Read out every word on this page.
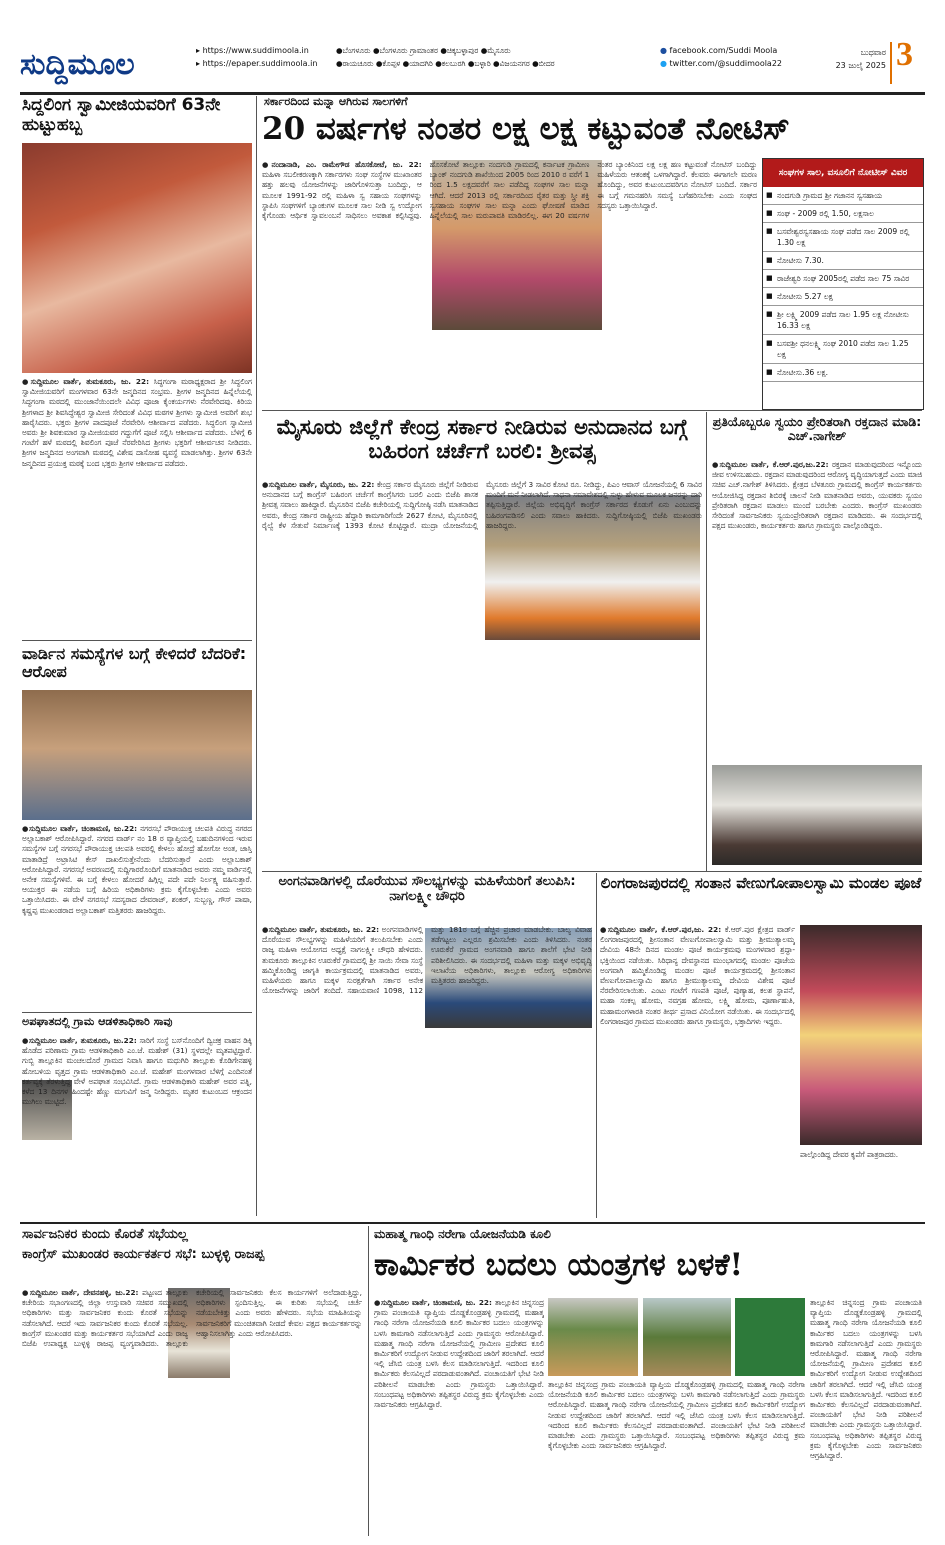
ಸುದ್ದಿಮೂಲ	▸ https://www.suddimoola.in
▸ https://epaper.suddimoola.in
●ಬೆಂಗಳೂರು ●ಬೆಂಗಳೂರು ಗ್ರಾಮಾಂತರ ●ಚಿಕ್ಕಬಳ್ಳಾಪುರ ●ಮೈಸೂರು
●ರಾಯಚೂರು ●ಕೊಪ್ಪಳ ●ಯಾದಗಿರಿ ●ಕಲಬುರಗಿ ●ಬಳ್ಳಾರಿ ●ವಿಜಯನಗರ ●ಬೀದರ
● facebook.com/Suddi Moola
● twitter.com/@suddimoola22
ಬುಧವಾರ
23 ಜುಲೈ 2025 3
ಸಿದ್ದಲಿಂಗ ಸ್ವಾಮೀಜಿಯವರಿಗೆ 63ನೇ ಹುಟ್ಟುಹಬ್ಬ
●ಸುದ್ದಿಮೂಲ ವಾರ್ತೆ, ತುಮಕೂರು, ಜು. 22: ಸಿದ್ಧಗಂಗಾ ಮಠಾಧ್ಯಕ್ಷರಾದ ಶ್ರೀ ಸಿದ್ಧಲಿಂಗ ಸ್ವಾಮೀಜಿಯವರಿಗೆ ಮಂಗಳವಾರ 63ನೇ ಜನ್ಮದಿನದ ಸಂಭ್ರಮ. ಶ್ರೀಗಳ ಜನ್ಮದಿನದ ಹಿನ್ನೆಲೆಯಲ್ಲಿ ಸಿದ್ಧಗಂಗಾ ಮಠದಲ್ಲಿ ಮುಂಜಾನೆಯಿಂದಲೇ ವಿವಿಧ ಪೂಜಾ ಕೈಂಕರ್ಯಗಳು ನೆರವೇರಿದವು. ಕಿರಿಯ ಶ್ರೀಗಳಾದ ಶ್ರೀ ಶಿವಸಿದ್ಧೇಶ್ವರ ಸ್ವಾಮೀಜಿ ಸೇರಿದಂತೆ ವಿವಿಧ ಮಠಗಳ ಶ್ರೀಗಳು ಸ್ವಾಮೀಜಿ ಅವರಿಗೆ ಶುಭ ಹಾರೈಸಿದರು. ಭಕ್ತರು ಶ್ರೀಗಳ ಪಾದಪೂಜೆ ನೆರವೇರಿಸಿ ಆಶೀರ್ವಾದ ಪಡೆದರು. ಸಿದ್ಧಲಿಂಗ ಸ್ವಾಮೀಜಿ ಅವರು ಶ್ರೀ ಶಿವಕುಮಾರ ಸ್ವಾಮೀಜಿಯವರ ಗದ್ದುಗೆಗೆ ಪೂಜೆ ಸಲ್ಲಿಸಿ ಆಶೀರ್ವಾದ ಪಡೆದರು. ಬೆಳಿಗ್ಗೆ 6 ಗಂಟೆಗೆ ಹಳೆ ಮಠದಲ್ಲಿ ಶಿವಲಿಂಗ ಪೂಜೆ ನೆರವೇರಿಸಿದ ಶ್ರೀಗಳು ಭಕ್ತರಿಗೆ ಆಶೀರ್ವಚನ ನೀಡಿದರು. ಶ್ರೀಗಳ ಜನ್ಮದಿನದ ಅಂಗವಾಗಿ ಮಠದಲ್ಲಿ ವಿಶೇಷ ದಾಸೋಹ ವ್ಯವಸ್ಥೆ ಮಾಡಲಾಗಿತ್ತು. ಶ್ರೀಗಳ 63ನೇ ಜನ್ಮದಿನದ ಪ್ರಯುಕ್ತ ಮಠಕ್ಕೆ ಬಂದ ಭಕ್ತರು ಶ್ರೀಗಳ ಆಶೀರ್ವಾದ ಪಡೆದರು.
ವಾರ್ಡಿನ ಸಮಸ್ಯೆಗಳ ಬಗ್ಗೆ ಕೇಳಿದರೆ ಬೆದರಿಕೆ: ಆರೋಪ
●ಸುದ್ದಿಮೂಲ ವಾರ್ತೆ, ಚಿಂತಾಮಣಿ, ಜು.22: ನಗರಸಭೆ ಪೌರಾಯುಕ್ತ ಚಲಪತಿ ವಿರುದ್ಧ ನಗರದ ಅಲ್ಲಾಬಕಾಶ್ ಆರೋಪಿಸಿದ್ದಾರೆ. ನಗರದ ವಾರ್ಡ್ ನಂ 18 ರ ವ್ಯಾಪ್ತಿಯಲ್ಲಿ ಬಹುದಿನಗಳಿಂದ ಇರುವ ಸಮಸ್ಯೆಗಳ ಬಗ್ಗೆ ನಗರಸಭೆ ಪೌರಾಯುಕ್ತ ಚಲಪತಿ ಅವರಲ್ಲಿ ಕೇಳಲು ಹೋದ್ರೆ ಹೋಗೋ ಅಂತ, ಜಾಸ್ತಿ ಮಾತಾಡಿದ್ರೆ ಅಟ್ರಾಸಿಟಿ ಕೇಸ್ ದಾಖಲಿಸುತ್ತೇನೆಂದು ಬೆದರಿಸುತ್ತಾರೆ ಎಂದು ಅಲ್ಲಾಬಕಾಶ್ ಆರೋಪಿಸಿದ್ದಾರೆ. ನಗರಸಭೆ ಅವರಣದಲ್ಲಿ ಸುದ್ದಿಗಾರರೊಂದಿಗೆ ಮಾತನಾಡಿದ ಅವರು ನಮ್ಮ ವಾರ್ಡಿನಲ್ಲಿ ಅನೇಕ ಸಮಸ್ಯೆಗಳಿವೆ. ಈ ಬಗ್ಗೆ ಕೇಳಲು ಹೋದರೆ ಹಿಗ್ಗಿಲ್ಲ ಪದೇ ಪದೇ ನಿರ್ಲಕ್ಷ್ಯ ವಹಿಸುತ್ತಾರೆ. ಆಯುಕ್ತರ ಈ ನಡೆಯ ಬಗ್ಗೆ ಹಿರಿಯ ಅಧಿಕಾರಿಗಳು ಕ್ರಮ ಕೈಗೊಳ್ಳಬೇಕು ಎಂದು ಅವರು ಒತ್ತಾಯಿಸಿದರು. ಈ ವೇಳೆ ನಗರಸಭೆ ಸದಸ್ಯರಾದ ದೇವರಾಜ್, ಶಂಕರ್, ಸುಬ್ಬಣ್ಣ, ಗೌಸ್ ಪಾಷಾ, ಕೃಷ್ಣಪ್ಪ ಮುಖಂಡರಾದ ಅಲ್ಲಾಬಕಾಶ್ ಮತ್ತಿತರರು ಹಾಜರಿದ್ದರು.
ಅಪಘಾತದಲ್ಲಿ ಗ್ರಾಮ ಆಡಳಿತಾಧಿಕಾರಿ ಸಾವು
●ಸುದ್ದಿಮೂಲ ವಾರ್ತೆ, ತುಮಕೂರು, ಜು.22: ಸಾರಿಗೆ ಸಂಸ್ಥೆ ಬಸ್‌ನೊಂದಿಗೆ ದ್ವಿಚಕ್ರ ವಾಹನ ಡಿಕ್ಕಿ ಹೊಡೆದ ಪರಿಣಾಮ ಗ್ರಾಮ ಆಡಳಿತಾಧಿಕಾರಿ ಎಂ.ಜೆ. ಮಹೇಶ್ (31) ಸ್ಥಳದಲ್ಲೇ ಮೃತಪಟ್ಟಿದ್ದಾರೆ. ಗುಬ್ಬಿ ತಾಲ್ಲೂಕಿನ ಮಂಚಲದೊರೆ ಗ್ರಾಮದ ನಿವಾಸಿ ಹಾಗೂ ಮಧುಗಿರಿ ತಾಲ್ಲೂಕು ಕೊಡಿಗೇನಹಳ್ಳಿ ಹೋಬಳಿಯ ವೃತ್ತದ ಗ್ರಾಮ ಆಡಳಿತಾಧಿಕಾರಿ ಎಂ.ಜೆ. ಮಹೇಶ್ ಮಂಗಳವಾರ ಬೆಳಿಗ್ಗೆ ಎಂದಿನಂತೆ ಕರ್ತವ್ಯಕ್ಕೆ ತೆರಳುತ್ತಿದ್ದ ವೇಳೆ ಅಪಘಾತ ಸಂಭವಿಸಿದೆ. ಗ್ರಾಮ ಆಡಳಿತಾಧಿಕಾರಿ ಮಹೇಶ್ ಅವರ ಪತ್ನಿ, ಕಳೆದ 13 ದಿನಗಳ ಹಿಂದಷ್ಟೇ ಹೆಣ್ಣು ಮಗುವಿಗೆ ಜನ್ಮ ನೀಡಿದ್ದರು. ಮೃತರ ಕುಟುಂಬದ ಆಕ್ರಂದನ ಮುಗಿಲು ಮುಟ್ಟಿದೆ.
ಸರ್ಕಾರದಿಂದ ಮನ್ನಾ ಆಗಿರುವ ಸಾಲಗಳಿಗೆ
20 ವರ್ಷಗಳ ನಂತರ ಲಕ್ಷ ಲಕ್ಷ ಕಟ್ಟುವಂತೆ ನೋಟಿಸ್
●ನಂದಾನಾಡಿ, ಎಂ. ರಾಮೇಗೌಡ ಹೊಸಕೋಟೆ, ಜು. 22: ಮಹಿಳಾ ಸಬಲೀಕರಣಕ್ಕಾಗಿ ಸರ್ಕಾರಗಳು ಸಂಘ ಸಂಸ್ಥೆಗಳ ಮುಖಾಂತರ ಹತ್ತು ಹಲವು ಯೋಜನೆಗಳನ್ನು ಜಾರಿಗೊಳಿಸುತ್ತಾ ಬಂದಿದ್ದು, ಆ ಮೂಲಕ 1991-92 ರಲ್ಲಿ ಮಹಿಳಾ ಸ್ವ ಸಹಾಯ ಸಂಘಗಳನ್ನು ಸ್ಥಾಪಿಸಿ ಸಂಘಗಳಿಗೆ ಬ್ಯಾಂಕುಗಳ ಮೂಲಕ ಸಾಲ ನೀಡಿ ಸ್ವ ಉದ್ಯೋಗ ಕೈಗೊಂಡು ಆರ್ಥಿಕ ಸ್ವಾವಲಂಬನೆ ಸಾಧಿಸಲು ಅವಕಾಶ ಕಲ್ಪಿಸಿದ್ದವು. ಹೊಸಕೋಟೆ ತಾಲ್ಲೂಕು ನಂದಗುಡಿ ಗ್ರಾಮದಲ್ಲಿ ಕರ್ನಾಟಕ ಗ್ರಾಮೀಣ ಬ್ಯಾಂಕ್ ನಂದಗುಡಿ ಶಾಖೆಯಿಂದ 2005 ರಿಂದ 2010 ರ ವರೆಗೆ 1 ರಿಂದ 1.5 ಲಕ್ಷದವರೆಗೆ ಸಾಲ ಪಡೆದಿದ್ದ ಸಂಘಗಳ ಸಾಲ ಮನ್ನಾ ಆಗಿದೆ. ಆದರೆ 2013 ರಲ್ಲಿ ಸರ್ಕಾರದಿಂದ ರೈತರ ಮತ್ತು ಸ್ತ್ರೀ ಶಕ್ತಿ ಸ್ವಸಹಾಯ ಸಂಘಗಳ ಸಾಲ ಮನ್ನಾ ಎಂದು ಘೋಷಣೆ ಮಾಡಿದ ಹಿನ್ನೆಲೆಯಲ್ಲಿ ಸಾಲ ಮರುಪಾವತಿ ಮಾಡಿರಲಿಲ್ಲ. ಈಗ 20 ವರ್ಷಗಳ ನಂತರ ಬ್ಯಾಂಕಿನಿಂದ ಲಕ್ಷ ಲಕ್ಷ ಹಣ ಕಟ್ಟುವಂತೆ ನೋಟಿಸ್ ಬಂದಿದ್ದು ಮಹಿಳೆಯರು ಆತಂಕಕ್ಕೆ ಒಳಗಾಗಿದ್ದಾರೆ. ಕೆಲವರು ಈಗಾಗಲೇ ಮರಣ ಹೊಂದಿದ್ದು, ಅವರ ಕುಟುಂಬದವರಿಗೂ ನೋಟಿಸ್ ಬಂದಿದೆ. ಸರ್ಕಾರ ಈ ಬಗ್ಗೆ ಗಮನಹರಿಸಿ ಸಮಸ್ಯೆ ಬಗೆಹರಿಸಬೇಕು ಎಂದು ಸಂಘದ ಸದಸ್ಯರು ಒತ್ತಾಯಿಸಿದ್ದಾರೆ.
ಸಂಘಗಳ ಸಾಲ, ವಸೂಲಿಗೆ ನೋಟೀಸ್ ವಿವರ
■ ನಂದಗುಡಿ ಗ್ರಾಮದ ಶ್ರೀ ಗಜಾನನ ಸ್ವಸಹಾಯ
■ ಸಂಘ - 2009 ರಲ್ಲಿ 1.50, ಲಕ್ಷಸಾಲ
■ ಬಸವೇಶ್ವರಸ್ವಸಹಾಯ ಸಂಘ ಪಡೆದ ಸಾಲ 2009 ರಲ್ಲಿ 1.30 ಲಕ್ಷ
■ ನೋಟೀಸು 7.30.
■ ರಾಜೇಶ್ವರಿ ಸಂಘ 2005ರಲ್ಲಿ ಪಡೆದ ಸಾಲ 75 ಸಾವಿರ
■ ನೋಟೀಸು 5.27 ಲಕ್ಷ
■ ಶ್ರೀ ಲಕ್ಷ್ಮಿ 2009 ಪಡೆದ ಸಾಲ 1.95 ಲಕ್ಷ ನೋಟೀಸು 16.33 ಲಕ್ಷ
■ ಬಸವಶ್ರೀ ಧನಲಕ್ಷ್ಮಿ ಸಂಘ 2010 ಪಡೆದ ಸಾಲ 1.25 ಲಕ್ಷ
■ ನೋಟೀಸು.36 ಲಕ್ಷ.
ಮೈಸೂರು ಜಿಲ್ಲೆಗೆ ಕೇಂದ್ರ ಸರ್ಕಾರ ನೀಡಿರುವ ಅನುದಾನದ ಬಗ್ಗೆ ಬಹಿರಂಗ ಚರ್ಚೆಗೆ ಬರಲಿ: ಶ್ರೀವತ್ಸ
●ಸುದ್ದಿಮೂಲ ವಾರ್ತೆ, ಮೈಸೂರು, ಜು. 22: ಕೇಂದ್ರ ಸರ್ಕಾರ ಮೈಸೂರು ಜಿಲ್ಲೆಗೆ ನೀಡಿರುವ ಅನುದಾನದ ಬಗ್ಗೆ ಕಾಂಗ್ರೆಸ್ ಬಹಿರಂಗ ಚರ್ಚೆಗೆ ಕಾಂಗ್ರೆಸಿಗರು ಬರಲಿ ಎಂದು ಬಿಜೆಪಿ ಶಾಸಕ ಶ್ರೀವತ್ಸ ಸವಾಲು ಹಾಕಿದ್ದಾರೆ. ಮೈಸೂರಿನ ಬಿಜೆಪಿ ಕಚೇರಿಯಲ್ಲಿ ಸುದ್ದಿಗೋಷ್ಠಿ ನಡೆಸಿ ಮಾತನಾಡಿದ ಅವರು, ಕೇಂದ್ರ ಸರ್ಕಾರ ರಾಷ್ಟ್ರೀಯ ಹೆದ್ದಾರಿ ಕಾಮಗಾರಿಗೆಂದೇ 2627 ಕೋಟಿ, ಮೈಸೂರಿನಲ್ಲಿ ರೈಲ್ವೆ ಕೆಳ ಸೇತುವೆ ನಿರ್ಮಾಣಕ್ಕೆ 1393 ಕೋಟಿ ಕೊಟ್ಟಿದ್ದಾರೆ. ಮುದ್ರಾ ಯೋಜನೆಯಲ್ಲಿ ಮೈಸೂರು ಜಿಲ್ಲೆಗೆ 3 ಸಾವಿರ ಕೋಟಿ ರೂ. ನೀಡಿದ್ದು, ಪಿಎಂ ಆವಾಸ್ ಯೋಜನೆಯಲ್ಲಿ 6 ಸಾವಿರ ಮಂದಿಗೆ ಮನೆ ನೀಡಲಾಗಿದೆ. ಸಾಧನಾ ಸಮಾವೇಶದಲ್ಲಿ ಸುಳ್ಳು ಹೇಳುವ ಮೂಲಕ ಜನರನ್ನು ದಾರಿ ತಪ್ಪಿಸುತ್ತಿದ್ದಾರೆ. ಜಿಲ್ಲೆಯ ಅಭಿವೃದ್ಧಿಗೆ ಕಾಂಗ್ರೆಸ್ ಸರ್ಕಾರದ ಕೊಡುಗೆ ಏನು ಎಂಬುದನ್ನು ಬಹಿರಂಗಪಡಿಸಲಿ ಎಂದು ಸವಾಲು ಹಾಕಿದರು. ಸುದ್ದಿಗೋಷ್ಠಿಯಲ್ಲಿ ಬಿಜೆಪಿ ಮುಖಂಡರು ಹಾಜರಿದ್ದರು.
ಪ್ರತಿಯೊಬ್ಬರೂ ಸ್ವಯಂ ಪ್ರೇರಿತರಾಗಿ ರಕ್ತದಾನ ಮಾಡಿ: ಎಚ್.ನಾಗೇಶ್
●ಸುದ್ದಿಮೂಲ ವಾರ್ತೆ, ಕೆ.ಆರ್.ಪುರ,ಜು.22: ರಕ್ತದಾನ ಮಾಡುವುದರಿಂದ ಇನ್ನೊಂದು ಜೀವ ಉಳಿಸಬಹುದು. ರಕ್ತದಾನ ಮಾಡುವುದರಿಂದ ಆರೋಗ್ಯ ವೃದ್ಧಿಯಾಗುತ್ತದೆ ಎಂದು ಮಾಜಿ ಸಚಿವ ಎಚ್.ನಾಗೇಶ್ ತಿಳಿಸಿದರು. ಕ್ಷೇತ್ರದ ಬೆಳತೂರು ಗ್ರಾಮದಲ್ಲಿ ಕಾಂಗ್ರೆಸ್ ಕಾರ್ಯಕರ್ತರು ಆಯೋಜಿಸಿದ್ದ ರಕ್ತದಾನ ಶಿಬಿರಕ್ಕೆ ಚಾಲನೆ ನೀಡಿ ಮಾತನಾಡಿದ ಅವರು, ಯುವಕರು ಸ್ವಯಂ ಪ್ರೇರಿತರಾಗಿ ರಕ್ತದಾನ ಮಾಡಲು ಮುಂದೆ ಬರಬೇಕು ಎಂದರು. ಕಾಂಗ್ರೆಸ್ ಮುಖಂಡರು ಸೇರಿದಂತೆ ಸಾರ್ವಜನಿಕರು ಸ್ವಯಂಪ್ರೇರಿತರಾಗಿ ರಕ್ತದಾನ ಮಾಡಿದರು. ಈ ಸಂದರ್ಭದಲ್ಲಿ ಪಕ್ಷದ ಮುಖಂಡರು, ಕಾರ್ಯಕರ್ತರು ಹಾಗೂ ಗ್ರಾಮಸ್ಥರು ಪಾಲ್ಗೊಂಡಿದ್ದರು.
ಅಂಗನವಾಡಿಗಳಲ್ಲಿ ದೊರೆಯುವ ಸೌಲಭ್ಯಗಳನ್ನು ಮಹಿಳೆಯರಿಗೆ ತಲುಪಿಸಿ: ನಾಗಲಕ್ಷ್ಮೀ ಚೌಧರಿ
●ಸುದ್ದಿಮೂಲ ವಾರ್ತೆ, ತುಮಕೂರು, ಜು. 22: ಅಂಗನವಾಡಿಗಳಲ್ಲಿ ದೊರೆಯುವ ಸೌಲಭ್ಯಗಳನ್ನು ಮಹಿಳೆಯರಿಗೆ ತಲುಪಿಸಬೇಕು ಎಂದು ರಾಜ್ಯ ಮಹಿಳಾ ಆಯೋಗದ ಅಧ್ಯಕ್ಷೆ ನಾಗಲಕ್ಷ್ಮೀ ಚೌಧರಿ ಹೇಳಿದರು. ತುಮಕೂರು ತಾಲ್ಲೂಕಿನ ಊರುಕೆರೆ ಗ್ರಾಮದಲ್ಲಿ ಶ್ರೀ ಸಾಯಿ ಸೇವಾ ಸಂಸ್ಥೆ ಹಮ್ಮಿಕೊಂಡಿದ್ದ ಜಾಗೃತಿ ಕಾರ್ಯಕ್ರಮದಲ್ಲಿ ಮಾತನಾಡಿದ ಅವರು, ಮಹಿಳೆಯರು ಹಾಗೂ ಮಕ್ಕಳ ಸುರಕ್ಷತೆಗಾಗಿ ಸರ್ಕಾರ ಅನೇಕ ಯೋಜನೆಗಳನ್ನು ಜಾರಿಗೆ ತಂದಿದೆ. ಸಹಾಯವಾಣಿ 1098, 112 ಮತ್ತು 181ರ ಬಗ್ಗೆ ಹೆಚ್ಚಿನ ಪ್ರಚಾರ ಮಾಡಬೇಕು. ಬಾಲ್ಯ ವಿವಾಹ ತಡೆಗಟ್ಟಲು ಎಲ್ಲರೂ ಶ್ರಮಿಸಬೇಕು ಎಂದು ತಿಳಿಸಿದರು. ನಂತರ ಊರುಕೆರೆ ಗ್ರಾಮದ ಅಂಗನವಾಡಿ ಹಾಗೂ ಶಾಲೆಗೆ ಭೇಟಿ ನೀಡಿ ಪರಿಶೀಲಿಸಿದರು. ಈ ಸಂದರ್ಭದಲ್ಲಿ ಮಹಿಳಾ ಮತ್ತು ಮಕ್ಕಳ ಅಭಿವೃದ್ಧಿ ಇಲಾಖೆಯ ಅಧಿಕಾರಿಗಳು, ತಾಲ್ಲೂಕು ಆರೋಗ್ಯ ಅಧಿಕಾರಿಗಳು ಮತ್ತಿತರರು ಹಾಜರಿದ್ದರು.
ಲಿಂಗರಾಜಪುರದಲ್ಲಿ ಸಂತಾನ ವೇಣುಗೋಪಾಲಸ್ವಾಮಿ ಮಂಡಲ ಪೂಜೆ
●ಸುದ್ದಿಮೂಲ ವಾರ್ತೆ, ಕೆ.ಆರ್.ಪುರ,ಜು. 22: ಕೆ.ಆರ್.ಪುರ ಕ್ಷೇತ್ರದ ವಾರ್ಡ್ ಲಿಂಗರಾಜಪುರದಲ್ಲಿ ಶ್ರೀಸಂತಾನ ವೇಣುಗೋಪಾಲಸ್ವಾಮಿ ಮತ್ತು ಶ್ರೀಮುತ್ಯಾಲಮ್ಮ ದೇವಿಯ 48ನೇ ದಿನದ ಮಂಡಲ ಪೂಜೆ ಕಾರ್ಯಕ್ರಮವು ಮಂಗಳವಾರ ಶ್ರದ್ಧಾ-ಭಕ್ತಿಯಿಂದ ನಡೆಯಿತು. ಸಿರಿಧಾನ್ಯ ದೇವಸ್ಥಾನದ ಮುಂಭಾಗದಲ್ಲಿ ಮಂಡಲ ಪೂಜೆಯ ಅಂಗವಾಗಿ ಹಮ್ಮಿಕೊಂಡಿದ್ದ ಮಂಡಲ ಪೂಜೆ ಕಾರ್ಯಕ್ರಮದಲ್ಲಿ ಶ್ರೀಸಂತಾನ ವೇಣುಗೋಪಾಲಸ್ವಾಮಿ ಹಾಗೂ ಶ್ರೀಮುತ್ಯಾಲಮ್ಮ ದೇವಿಯ ವಿಶೇಷ ಪೂಜೆ ನೆರವೇರಿಸಲಾಯಿತು. ಎಂಟು ಗಂಟೆಗೆ ಗಣಪತಿ ಪೂಜೆ, ಪುಣ್ಯಾಹ, ಕಲಶ ಸ್ಥಾಪನೆ, ಮಹಾ ಸಂಕಲ್ಪ ಹೋಮ, ನವಗ್ರಹ ಹೋಮ, ಲಕ್ಷ್ಮಿ ಹೋಮ, ಪೂರ್ಣಾಹುತಿ, ಮಹಾಮಂಗಳಾರತಿ ನಂತರ ತೀರ್ಥ ಪ್ರಸಾದ ವಿನಿಯೋಗ ನಡೆಯಿತು. ಈ ಸಂದರ್ಭದಲ್ಲಿ ಲಿಂಗರಾಜಪುರ ಗ್ರಾಮದ ಮುಖಂಡರು ಹಾಗೂ ಗ್ರಾಮಸ್ಥರು, ಭಕ್ತಾದಿಗಳು ಇದ್ದರು.
ಪಾಲ್ಗೊಂಡಿದ್ದ ದೇವರ ಕೃಪೆಗೆ ಪಾತ್ರರಾದರು.
ಸಾರ್ವಜನಿಕರ ಕುಂದು ಕೊರತೆ ಸಭೆಯಲ್ಲ
ಕಾಂಗ್ರೆಸ್ ಮುಖಂಡರ ಕಾರ್ಯಕರ್ತರ ಸಭೆ: ಬುಳ್ಳಳ್ಳಿ ರಾಜಪ್ಪ
●ಸುದ್ದಿಮೂಲ ವಾರ್ತೆ, ದೇವನಹಳ್ಳಿ, ಜು.22: ಪಟ್ಟಣದ ತಾಲ್ಲೂಕು ಕಚೇರಿಯ ಸಭಾಂಗಣದಲ್ಲಿ ಜಿಲ್ಲಾ ಉಸ್ತುವಾರಿ ಸಚಿವರ ಸಮ್ಮುಖದಲ್ಲಿ ಅಧಿಕಾರಿಗಳು ಮತ್ತು ಸಾರ್ವಜನಿಕರ ಕುಂದು ಕೊರತೆ ಸಭೆಯನ್ನು ನಡೆಸಲಾಗಿದೆ. ಆದರೆ ಇದು ಸಾರ್ವಜನಿಕರ ಕುಂದು ಕೊರತೆ ಸಭೆಯಲ್ಲ. ಕಾಂಗ್ರೆಸ್ ಮುಖಂಡರ ಮತ್ತು ಕಾರ್ಯಕರ್ತರ ಸಭೆಯಾಗಿದೆ ಎಂದು ರಾಜ್ಯ ಬಿಜೆಪಿ ಉಪಾಧ್ಯಕ್ಷ ಬುಳ್ಳಳ್ಳಿ ರಾಜಪ್ಪ ವ್ಯಂಗ್ಯವಾಡಿದರು. ತಾಲ್ಲೂಕು ಕಚೇರಿಯಲ್ಲಿ ಸಾರ್ವಜನಿಕರು ಕೆಲಸ ಕಾರ್ಯಗಳಿಗೆ ಅಲೆದಾಡುತ್ತಿದ್ದು, ಅಧಿಕಾರಿಗಳು ಸ್ಪಂದಿಸುತ್ತಿಲ್ಲ. ಈ ಕುರಿತು ಸಭೆಯಲ್ಲಿ ಚರ್ಚೆ ನಡೆಯಬೇಕಿತ್ತು ಎಂದು ಅವರು ಹೇಳಿದರು. ಸಭೆಯ ಮಾಹಿತಿಯನ್ನು ಸಾರ್ವಜನಿಕರಿಗೆ ಮುಂಚಿತವಾಗಿ ನೀಡದೆ ಕೇವಲ ಪಕ್ಷದ ಕಾರ್ಯಕರ್ತರನ್ನು ಆಹ್ವಾನಿಸಲಾಗಿತ್ತು ಎಂದು ಆರೋಪಿಸಿದರು.
ಮಹಾತ್ಮ ಗಾಂಧಿ ನರೇಗಾ ಯೋಜನೆಯಡಿ ಕೂಲಿ
ಕಾರ್ಮಿಕರ ಬದಲು ಯಂತ್ರಗಳ ಬಳಕೆ!
●ಸುದ್ದಿಮೂಲ ವಾರ್ತೆ, ಚಿಂತಾಮಣಿ, ಜು. 22: ತಾಲ್ಲೂಕಿನ ಚಿನ್ನಸಂದ್ರ ಗ್ರಾಮ ಪಂಚಾಯತಿ ವ್ಯಾಪ್ತಿಯ ದೊಡ್ಡಕೊಂಡ್ರಹಳ್ಳಿ ಗ್ರಾಮದಲ್ಲಿ ಮಹಾತ್ಮ ಗಾಂಧಿ ನರೇಗಾ ಯೋಜನೆಯಡಿ ಕೂಲಿ ಕಾರ್ಮಿಕರ ಬದಲು ಯಂತ್ರಗಳನ್ನು ಬಳಸಿ ಕಾಮಗಾರಿ ನಡೆಸಲಾಗುತ್ತಿದೆ ಎಂದು ಗ್ರಾಮಸ್ಥರು ಆರೋಪಿಸಿದ್ದಾರೆ. ಮಹಾತ್ಮ ಗಾಂಧಿ ನರೇಗಾ ಯೋಜನೆಯಲ್ಲಿ ಗ್ರಾಮೀಣ ಪ್ರದೇಶದ ಕೂಲಿ ಕಾರ್ಮಿಕರಿಗೆ ಉದ್ಯೋಗ ನೀಡುವ ಉದ್ದೇಶದಿಂದ ಜಾರಿಗೆ ತರಲಾಗಿದೆ. ಆದರೆ ಇಲ್ಲಿ ಜೆಸಿಬಿ ಯಂತ್ರ ಬಳಸಿ ಕೆಲಸ ಮಾಡಿಸಲಾಗುತ್ತಿದೆ. ಇದರಿಂದ ಕೂಲಿ ಕಾರ್ಮಿಕರು ಕೆಲಸವಿಲ್ಲದೆ ಪರದಾಡುವಂತಾಗಿದೆ. ಪಂಚಾಯತಿಗೆ ಭೇಟಿ ನೀಡಿ ಪರಿಶೀಲನೆ ಮಾಡಬೇಕು ಎಂದು ಗ್ರಾಮಸ್ಥರು ಒತ್ತಾಯಿಸಿದ್ದಾರೆ. ಸಂಬಂಧಪಟ್ಟ ಅಧಿಕಾರಿಗಳು ತಪ್ಪಿತಸ್ಥರ ವಿರುದ್ಧ ಕ್ರಮ ಕೈಗೊಳ್ಳಬೇಕು ಎಂದು ಸಾರ್ವಜನಿಕರು ಆಗ್ರಹಿಸಿದ್ದಾರೆ.
ತಾಲ್ಲೂಕಿನ ಚಿನ್ನಸಂದ್ರ ಗ್ರಾಮ ಪಂಚಾಯತಿ ವ್ಯಾಪ್ತಿಯ ದೊಡ್ಡಕೊಂಡ್ರಹಳ್ಳಿ ಗ್ರಾಮದಲ್ಲಿ ಮಹಾತ್ಮ ಗಾಂಧಿ ನರೇಗಾ ಯೋಜನೆಯಡಿ ಕೂಲಿ ಕಾರ್ಮಿಕರ ಬದಲು ಯಂತ್ರಗಳನ್ನು ಬಳಸಿ ಕಾಮಗಾರಿ ನಡೆಸಲಾಗುತ್ತಿದೆ ಎಂದು ಗ್ರಾಮಸ್ಥರು ಆರೋಪಿಸಿದ್ದಾರೆ. ಮಹಾತ್ಮ ಗಾಂಧಿ ನರೇಗಾ ಯೋಜನೆಯಲ್ಲಿ ಗ್ರಾಮೀಣ ಪ್ರದೇಶದ ಕೂಲಿ ಕಾರ್ಮಿಕರಿಗೆ ಉದ್ಯೋಗ ನೀಡುವ ಉದ್ದೇಶದಿಂದ ಜಾರಿಗೆ ತರಲಾಗಿದೆ. ಆದರೆ ಇಲ್ಲಿ ಜೆಸಿಬಿ ಯಂತ್ರ ಬಳಸಿ ಕೆಲಸ ಮಾಡಿಸಲಾಗುತ್ತಿದೆ. ಇದರಿಂದ ಕೂಲಿ ಕಾರ್ಮಿಕರು ಕೆಲಸವಿಲ್ಲದೆ ಪರದಾಡುವಂತಾಗಿದೆ. ಪಂಚಾಯತಿಗೆ ಭೇಟಿ ನೀಡಿ ಪರಿಶೀಲನೆ ಮಾಡಬೇಕು ಎಂದು ಗ್ರಾಮಸ್ಥರು ಒತ್ತಾಯಿಸಿದ್ದಾರೆ. ಸಂಬಂಧಪಟ್ಟ ಅಧಿಕಾರಿಗಳು ತಪ್ಪಿತಸ್ಥರ ವಿರುದ್ಧ ಕ್ರಮ ಕೈಗೊಳ್ಳಬೇಕು ಎಂದು ಸಾರ್ವಜನಿಕರು ಆಗ್ರಹಿಸಿದ್ದಾರೆ.
ತಾಲ್ಲೂಕಿನ ಚಿನ್ನಸಂದ್ರ ಗ್ರಾಮ ಪಂಚಾಯತಿ ವ್ಯಾಪ್ತಿಯ ದೊಡ್ಡಕೊಂಡ್ರಹಳ್ಳಿ ಗ್ರಾಮದಲ್ಲಿ ಮಹಾತ್ಮ ಗಾಂಧಿ ನರೇಗಾ ಯೋಜನೆಯಡಿ ಕೂಲಿ ಕಾರ್ಮಿಕರ ಬದಲು ಯಂತ್ರಗಳನ್ನು ಬಳಸಿ ಕಾಮಗಾರಿ ನಡೆಸಲಾಗುತ್ತಿದೆ ಎಂದು ಗ್ರಾಮಸ್ಥರು ಆರೋಪಿಸಿದ್ದಾರೆ. ಮಹಾತ್ಮ ಗಾಂಧಿ ನರೇಗಾ ಯೋಜನೆಯಲ್ಲಿ ಗ್ರಾಮೀಣ ಪ್ರದೇಶದ ಕೂಲಿ ಕಾರ್ಮಿಕರಿಗೆ ಉದ್ಯೋಗ ನೀಡುವ ಉದ್ದೇಶದಿಂದ ಜಾರಿಗೆ ತರಲಾಗಿದೆ. ಆದರೆ ಇಲ್ಲಿ ಜೆಸಿಬಿ ಯಂತ್ರ ಬಳಸಿ ಕೆಲಸ ಮಾಡಿಸಲಾಗುತ್ತಿದೆ. ಇದರಿಂದ ಕೂಲಿ ಕಾರ್ಮಿಕರು ಕೆಲಸವಿಲ್ಲದೆ ಪರದಾಡುವಂತಾಗಿದೆ. ಪಂಚಾಯತಿಗೆ ಭೇಟಿ ನೀಡಿ ಪರಿಶೀಲನೆ ಮಾಡಬೇಕು ಎಂದು ಗ್ರಾಮಸ್ಥರು ಒತ್ತಾಯಿಸಿದ್ದಾರೆ. ಸಂಬಂಧಪಟ್ಟ ಅಧಿಕಾರಿಗಳು ತಪ್ಪಿತಸ್ಥರ ವಿರುದ್ಧ ಕ್ರಮ ಕೈಗೊಳ್ಳಬೇಕು ಎಂದು ಸಾರ್ವಜನಿಕರು ಆಗ್ರಹಿಸಿದ್ದಾರೆ.
